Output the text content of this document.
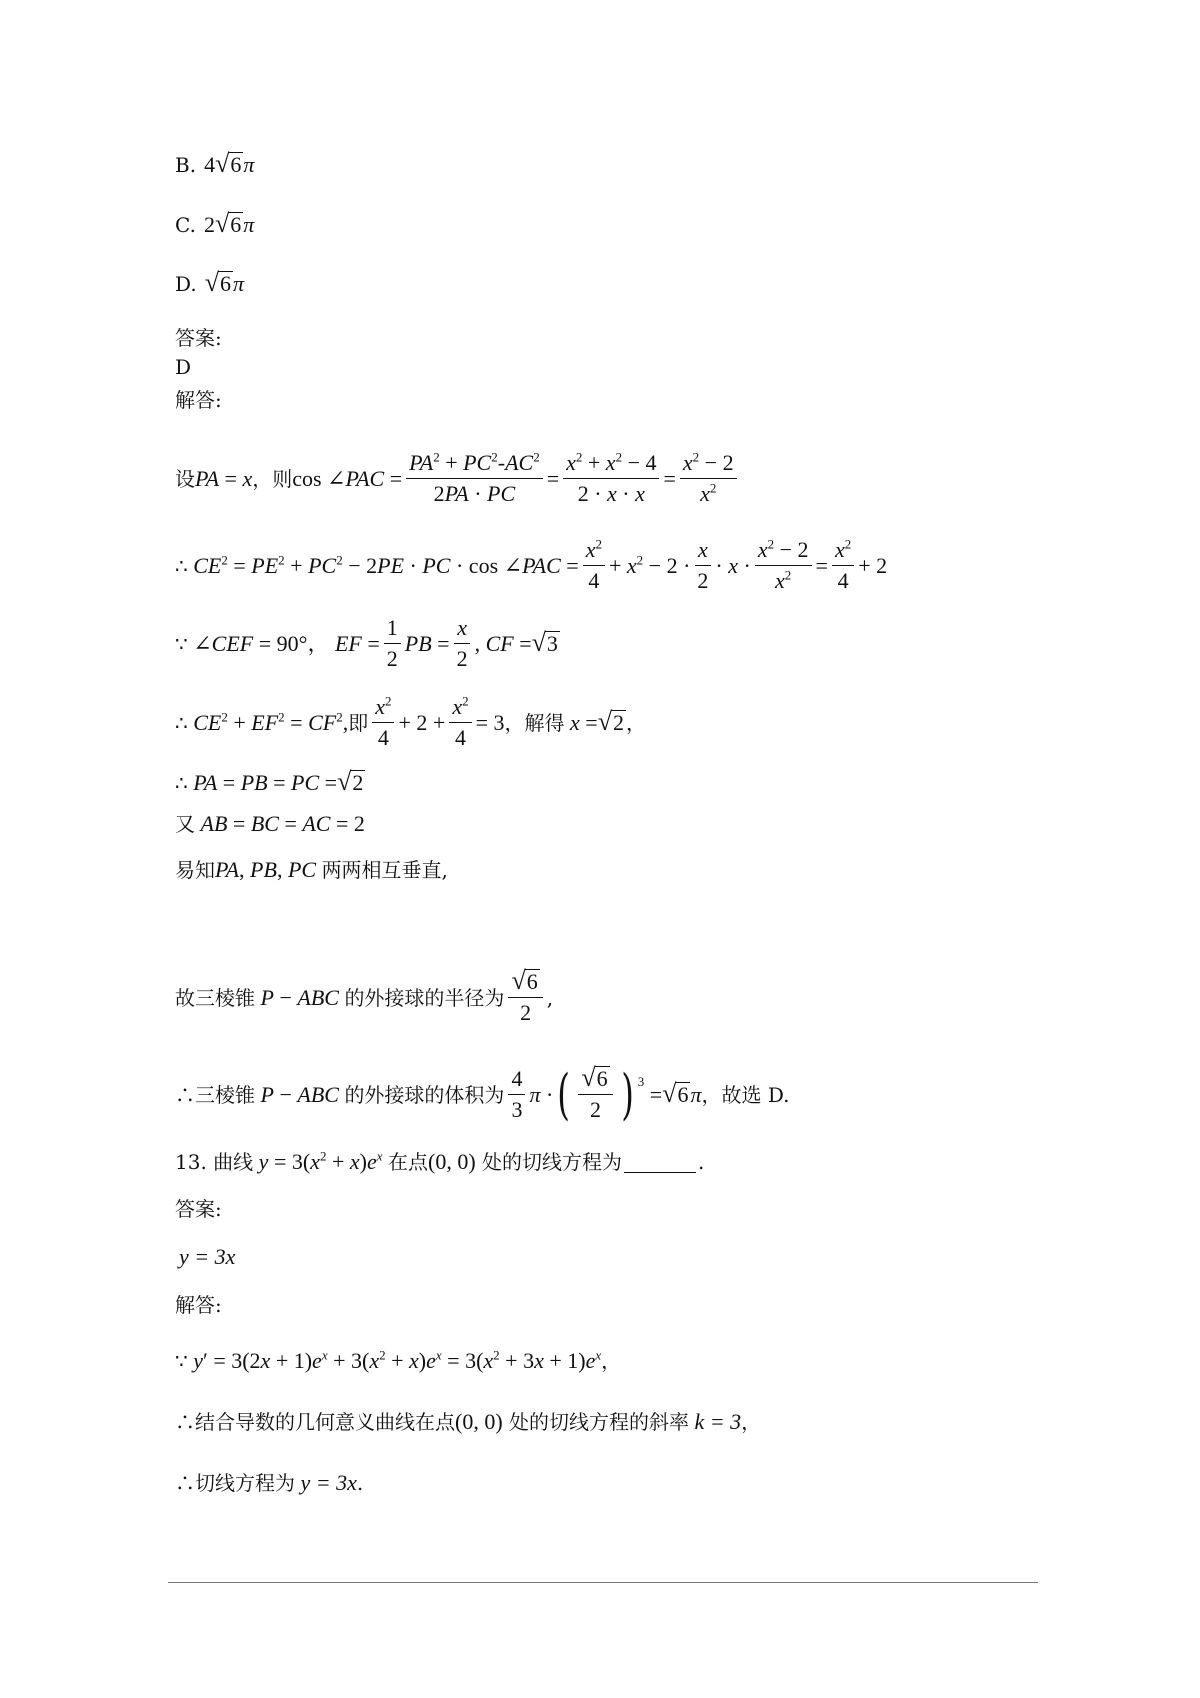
B. 4 √ 6 π
C. 2 √ 6 π
D. √ 6 π
答案:
D
解答:
设 PA = x ，则 cos ∠PAC = $\frac{PA^2 + PC^2-AC^2}{2PA \cdot PC} = \frac{x^2 + x^2 - 4}{2 \cdot x \cdot x} = \frac{x^2 - 2}{x^2}$
∴ $CE^2 = PE^2 + PC^2 - 2PE$ · PC · cos ∠PAC = $\frac{x^2}{4} + x^2 - 2 \cdot \frac{x}{2} \cdot x \cdot \frac{x^2 - 2}{x^2} = \frac{x^2}{4} + 2$
∵ ∠CEF = 90°， EF = $\frac{1}{2}$ PB = $\frac{x}{2}$ , CF = √ 3
∴ $CE^2 + EF^2 = CF^2$, 即 $\frac{x^2}{4} + 2 + \frac{x^2}{4} = 3$ ，解得 x = √ 2 ，
∴ PA = PB = PC = √ 2
又 AB = BC = AC = 2
易知 PA, PB, PC 两两相互垂直,
故三棱锥 P − ABC 的外接球的半径为 $\frac{√ 6}{2}$ ,
∴三棱锥 P − ABC 的外接球的体积为 $\frac{4}{3}$ π · ( $\frac{√ 6}{2}$ ) 3 = √ 6 π ，故选 D.
13. 曲线 $y = 3(x^2 + x)e^x$ 在点 (0, 0)
处的切线方程为	.
答案:
y = 3x
解答:
∵ $y' = 3(2x + 1)e^x + 3(x^2 + x)e^x = 3(x^2 + 3x + 1)e^x$ ，
∴结合导数的几何意义曲线在点 (0, 0)
处的切线方程的斜率
k = 3 ，
∴切线方程为
y = 3x .
